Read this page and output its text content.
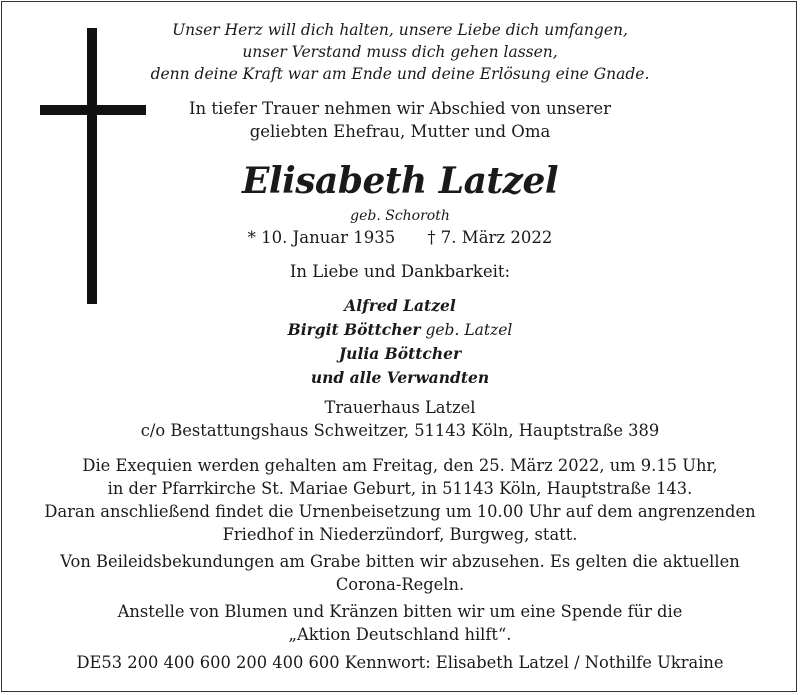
Unser Herz will dich halten, unsere Liebe dich umfangen,
unser Verstand muss dich gehen lassen,
denn deine Kraft war am Ende und deine Erlösung eine Gnade.
In tiefer Trauer nehmen wir Abschied von unserer
geliebten Ehefrau, Mutter und Oma
Elisabeth Latzel
geb. Schoroth
* 10. Januar 1935 † 7. März 2022
In Liebe und Dankbarkeit:
Alfred Latzel
Birgit Böttcher geb. Latzel
Julia Böttcher
und alle Verwandten
Trauerhaus Latzel
c/o Bestattungshaus Schweitzer, 51143 Köln, Hauptstraße 389
Die Exequien werden gehalten am Freitag, den 25. März 2022, um 9.15 Uhr,
in der Pfarrkirche St. Mariae Geburt, in 51143 Köln, Hauptstraße 143.
Daran anschließend findet die Urnenbeisetzung um 10.00 Uhr auf dem angrenzenden
Friedhof in Niederzündorf, Burgweg, statt.
Von Beileidsbekundungen am Grabe bitten wir abzusehen. Es gelten die aktuellen
Corona-Regeln.
Anstelle von Blumen und Kränzen bitten wir um eine Spende für die
„Aktion Deutschland hilft“.
DE53 200 400 600 200 400 600 Kennwort: Elisabeth Latzel / Nothilfe Ukraine
